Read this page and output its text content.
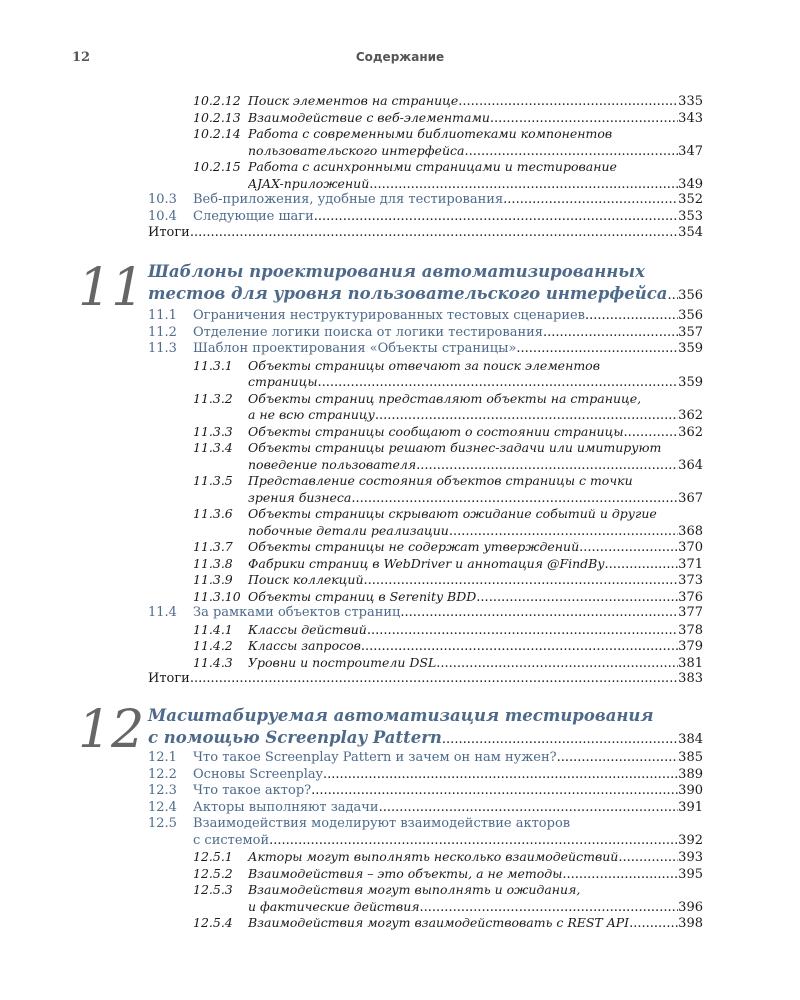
12	Содержание
10.2.12 Поиск элементов на странице .....	335
10.2.13 Взаимодействие с веб-элементами .....	343
10.2.14 Работа с современными библиотеками компонентов
пользовательского интерфейса .....	347
10.2.15 Работа с асинхронными страницами и тестирование
AJAX-приложений .....	349
10.3	Веб-приложения, удобные для тестирования .....	352
10.4	Следующие шаги .....	353
Итоги .....	354
Шаблоны проектирования автоматизированных
тестов для уровня пользовательского интерфейса ..... 356
11.1	Ограничения неструктурированных тестовых сценариев .....	356
11.2	Отделение логики поиска от логики тестирования .....	357
11.3	Шаблон проектирования «Объекты страницы» .....	359
11.3.1 Объекты страницы отвечают за поиск элементов
страницы .....	359
11.3.2 Объекты страниц представляют объекты на странице,
а не всю страницу .....	362
11.3.3	Объекты страницы сообщают о состоянии страницы .....	362
11.3.4 Объекты страницы решают бизнес-задачи или имитируют
поведение пользователя .....	364
11.3.5 Представление состояния объектов страницы с точки
зрения бизнеса .....	367
11.3.6 Объекты страницы скрывают ожидание событий и другие
побочные детали реализации .....	368
11.3.7	Объекты страницы не содержат утверждений .....	370
11.3.8	Фабрики страниц в WebDriver и аннотация @FindBy .....	371
11.3.9	Поиск коллекций .....	373
11.3.10 Объекты страниц в Serenity BDD .....	376
11.4	За рамками объектов страниц .....	377
11.4.1	Классы действий .....	378
11.4.2	Классы запросов .....	379
11.4.3	Уровни и построители DSL .....	381
Итоги .....	383
Масштабируемая автоматизация тестирования
с помощью Screenplay Pattern .....	384
12.1	Что такое Screenplay Pattern и зачем он нам нужен? .....	385
12.2	Основы Screenplay .....	389
12.3	Что такое актор? .....	390
12.4	Акторы выполняют задачи .....	391
12.5 Взаимодействия моделируют взаимодействие акторов
с системой .....	392
12.5.1	Акторы могут выполнять несколько взаимодействий .....	393
12.5.2	Взаимодействия – это объекты, а не методы .....	395
12.5.3 Взаимодействия могут выполнять и ожидания,
и фактические действия .....	396
12.5.4	Взаимодействия могут взаимодействовать с REST API .....	398
11
12
